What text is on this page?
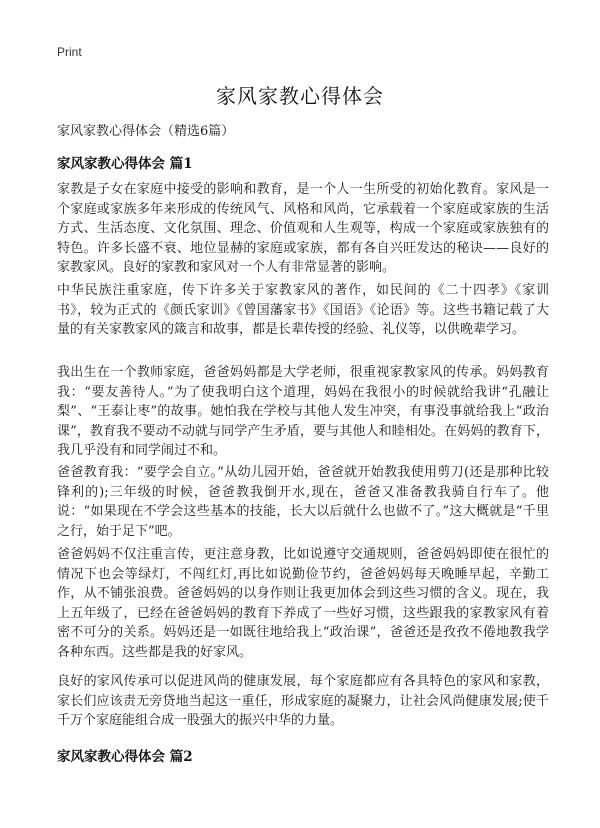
Print
家风家教心得体会
家风家教心得体会（精选6篇）
家风家教心得体会 篇1

家教是子女在家庭中接受的影响和教育，是一个人一生所受的初始化教育。家风是一个家庭或家族多年来形成的传统风气、风格和风尚，它承载着一个家庭或家族的生活方式、生活态度、文化氛围、理念、价值观和人生观等，构成一个家庭或家族独有的特色。许多长盛不衰、地位显赫的家庭或家族，都有各自兴旺发达的秘诀——良好的家教家风。良好的家教和家风对一个人有非常显著的影响。

中华民族注重家庭，传下许多关于家教家风的著作，如民间的《二十四孝》《家训书》，较为正式的《颜氏家训》《曾国藩家书》《国语》《论语》等。这些书籍记载了大量的有关家教家风的箴言和故事，都是长辈传授的经验、礼仪等，以供晚辈学习。

我出生在一个教师家庭，爸爸妈妈都是大学老师，很重视家教家风的传承。妈妈教育我：“要友善待人。”为了使我明白这个道理，妈妈在我很小的时候就给我讲“孔融让梨”、“王泰让枣”的故事。她怕我在学校与其他人发生冲突，有事没事就给我上“政治课”，教育我不要动不动就与同学产生矛盾，要与其他人和睦相处。在妈妈的教育下，我几乎没有和同学闹过不和。

爸爸教育我：“要学会自立。”从幼儿园开始，爸爸就开始教我使用剪刀(还是那种比较锋利的);三年级的时候，爸爸教我倒开水,现在，爸爸又准备教我骑自行车了。他说：“如果现在不学会这些基本的技能，长大以后就什么也做不了。”这大概就是“千里之行，始于足下”吧。

爸爸妈妈不仅注重言传，更注意身教，比如说遵守交通规则，爸爸妈妈即使在很忙的情况下也会等绿灯，不闯红灯,再比如说勤俭节约，爸爸妈妈每天晚睡早起，辛勤工作，从不铺张浪费。爸爸妈妈的以身作则让我更加体会到这些习惯的含义。现在，我上五年级了，已经在爸爸妈妈的教育下养成了一些好习惯，这些跟我的家教家风有着密不可分的关系。妈妈还是一如既往地给我上“政治课”，爸爸还是孜孜不倦地教我学各种东西。这些都是我的好家风。

良好的家风传承可以促进风尚的健康发展，每个家庭都应有各具特色的家风和家教，家长们应该责无旁贷地当起这一重任，形成家庭的凝聚力，让社会风尚健康发展;使千千万个家庭能组合成一股强大的振兴中华的力量。

家风家教心得体会 篇2
